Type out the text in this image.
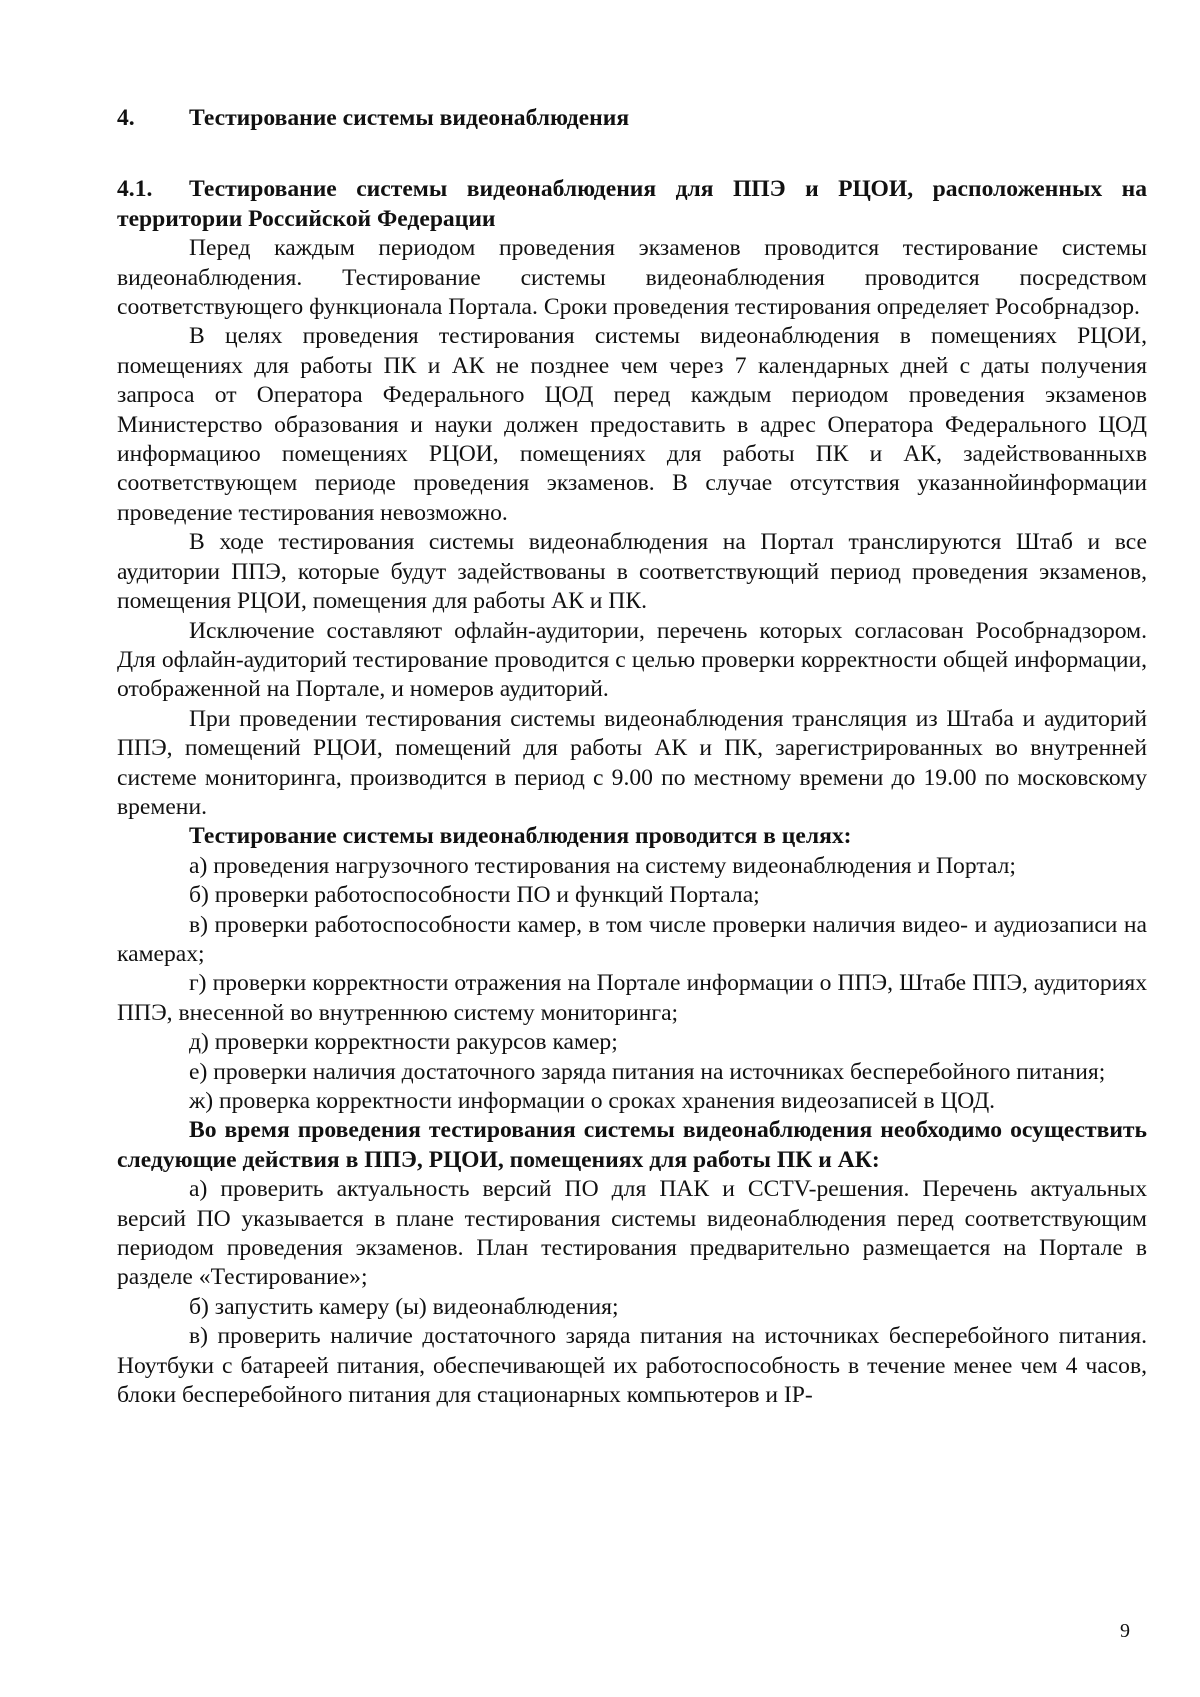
4.	Тестирование системы видеонаблюдения
4.1. Тестирование системы видеонаблюдения для ППЭ и РЦОИ, расположенных на территории Российской Федерации

Перед каждым периодом проведения экзаменов проводится тестирование системы видеонаблюдения. Тестирование системы видеонаблюдения проводится посредством соответствующего функционала Портала. Сроки проведения тестирования определяет Рособрнадзор.

В целях проведения тестирования системы видеонаблюдения в помещениях РЦОИ, помещениях для работы ПК и АК не позднее чем через 7 календарных дней с даты получения запроса от Оператора Федерального ЦОД перед каждым периодом проведения экзаменов Министерство образования и науки должен предоставить в адрес Оператора Федерального ЦОД информациюо помещениях РЦОИ, помещениях для работы ПК и АК, задействованныхв соответствующем периоде проведения экзаменов. В случае отсутствия указаннойинформации проведение тестирования невозможно.

В ходе тестирования системы видеонаблюдения на Портал транслируются Штаб и все аудитории ППЭ, которые будут задействованы в соответствующий период проведения экзаменов, помещения РЦОИ, помещения для работы АК и ПК.

Исключение составляют офлайн-аудитории, перечень которых согласован Рособрнадзором. Для офлайн-аудиторий тестирование проводится с целью проверки корректности общей информации, отображенной на Портале, и номеров аудиторий.

При проведении тестирования системы видеонаблюдения трансляция из Штаба и аудиторий ППЭ, помещений РЦОИ, помещений для работы АК и ПК, зарегистрированных во внутренней системе мониторинга, производится в период с 9.00 по местному времени до 19.00 по московскому времени.

Тестирование системы видеонаблюдения проводится в целях:

а) проведения нагрузочного тестирования на систему видеонаблюдения и Портал;

б) проверки работоспособности ПО и функций Портала;

в) проверки работоспособности камер, в том числе проверки наличия видео- и аудиозаписи на камерах;

г) проверки корректности отражения на Портале информации о ППЭ, Штабе ППЭ, аудиториях ППЭ, внесенной во внутреннюю систему мониторинга;

д) проверки корректности ракурсов камер;

е) проверки наличия достаточного заряда питания на источниках бесперебойного питания;

ж) проверка корректности информации о сроках хранения видеозаписей в ЦОД.

Во время проведения тестирования системы видеонаблюдения необходимо осуществить следующие действия в ППЭ, РЦОИ, помещениях для работы ПК и АК:

а) проверить актуальность версий ПО для ПАК и CCTV-решения. Перечень актуальных версий ПО указывается в плане тестирования системы видеонаблюдения перед соответствующим периодом проведения экзаменов. План тестирования предварительно размещается на Портале в разделе «Тестирование»;

б) запустить камеру (ы) видеонаблюдения;

в) проверить наличие достаточного заряда питания на источниках бесперебойного питания. Ноутбуки с батареей питания, обеспечивающей их работоспособность в течение менее чем 4 часов, блоки бесперебойного питания для стационарных компьютеров и IP-

9
